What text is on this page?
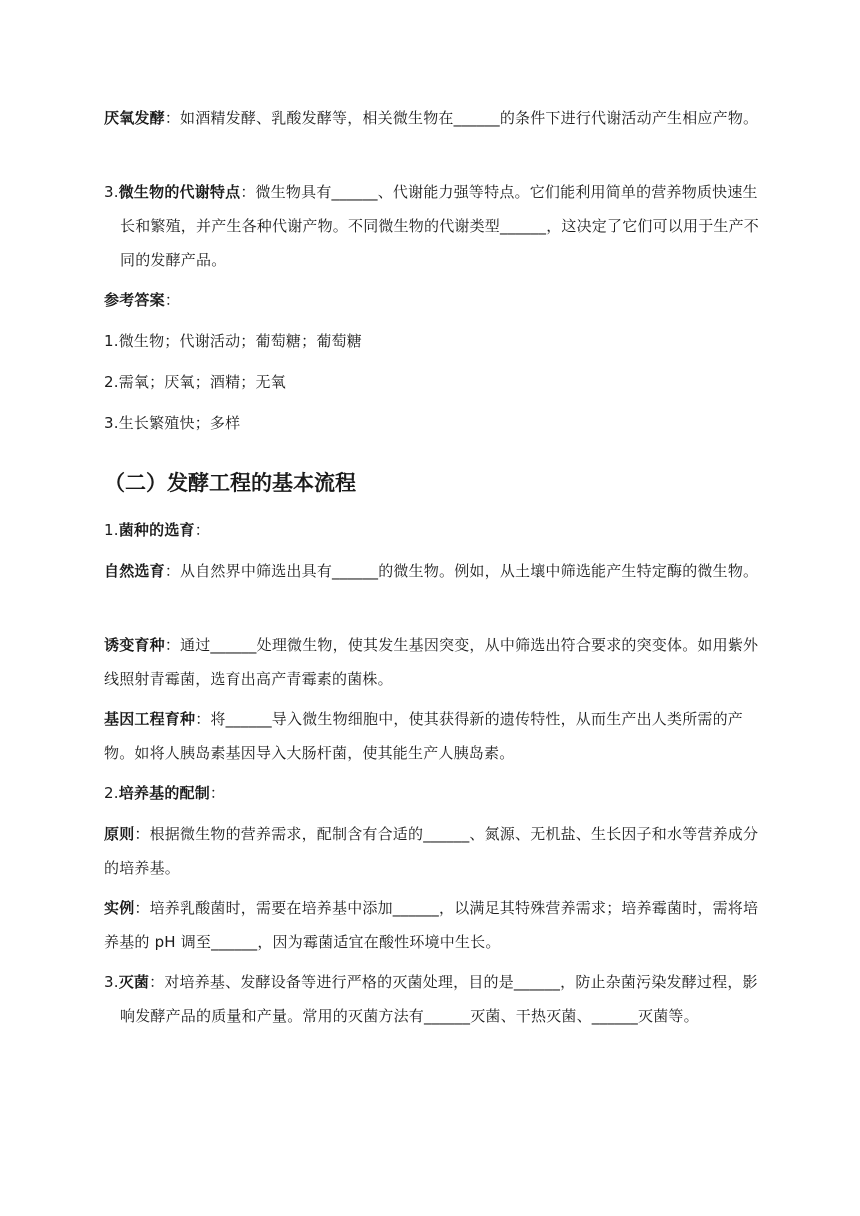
厌氧发酵：如酒精发酵、乳酸发酵等，相关微生物在______的条件下进行代谢活动产生相应产物。

3.微生物的代谢特点：微生物具有______、代谢能力强等特点。它们能利用简单的营养物质快速生长和繁殖，并产生各种代谢产物。不同微生物的代谢类型______，这决定了它们可以用于生产不同的发酵产品。

参考答案：

1.微生物；代谢活动；葡萄糖；葡萄糖

2.需氧；厌氧；酒精；无氧

3.生长繁殖快；多样

（二）发酵工程的基本流程

1.菌种的选育：

自然选育：从自然界中筛选出具有______的微生物。例如，从土壤中筛选能产生特定酶的微生物。

诱变育种：通过______处理微生物，使其发生基因突变，从中筛选出符合要求的突变体。如用紫外线照射青霉菌，选育出高产青霉素的菌株。

基因工程育种：将______导入微生物细胞中，使其获得新的遗传特性，从而生产出人类所需的产物。如将人胰岛素基因导入大肠杆菌，使其能生产人胰岛素。

2.培养基的配制：

原则：根据微生物的营养需求，配制含有合适的______、氮源、无机盐、生长因子和水等营养成分的培养基。

实例：培养乳酸菌时，需要在培养基中添加______，以满足其特殊营养需求；培养霉菌时，需将培养基的 pH 调至______，因为霉菌适宜在酸性环境中生长。

3.灭菌：对培养基、发酵设备等进行严格的灭菌处理，目的是______，防止杂菌污染发酵过程，影响发酵产品的质量和产量。常用的灭菌方法有______灭菌、干热灭菌、______灭菌等。
